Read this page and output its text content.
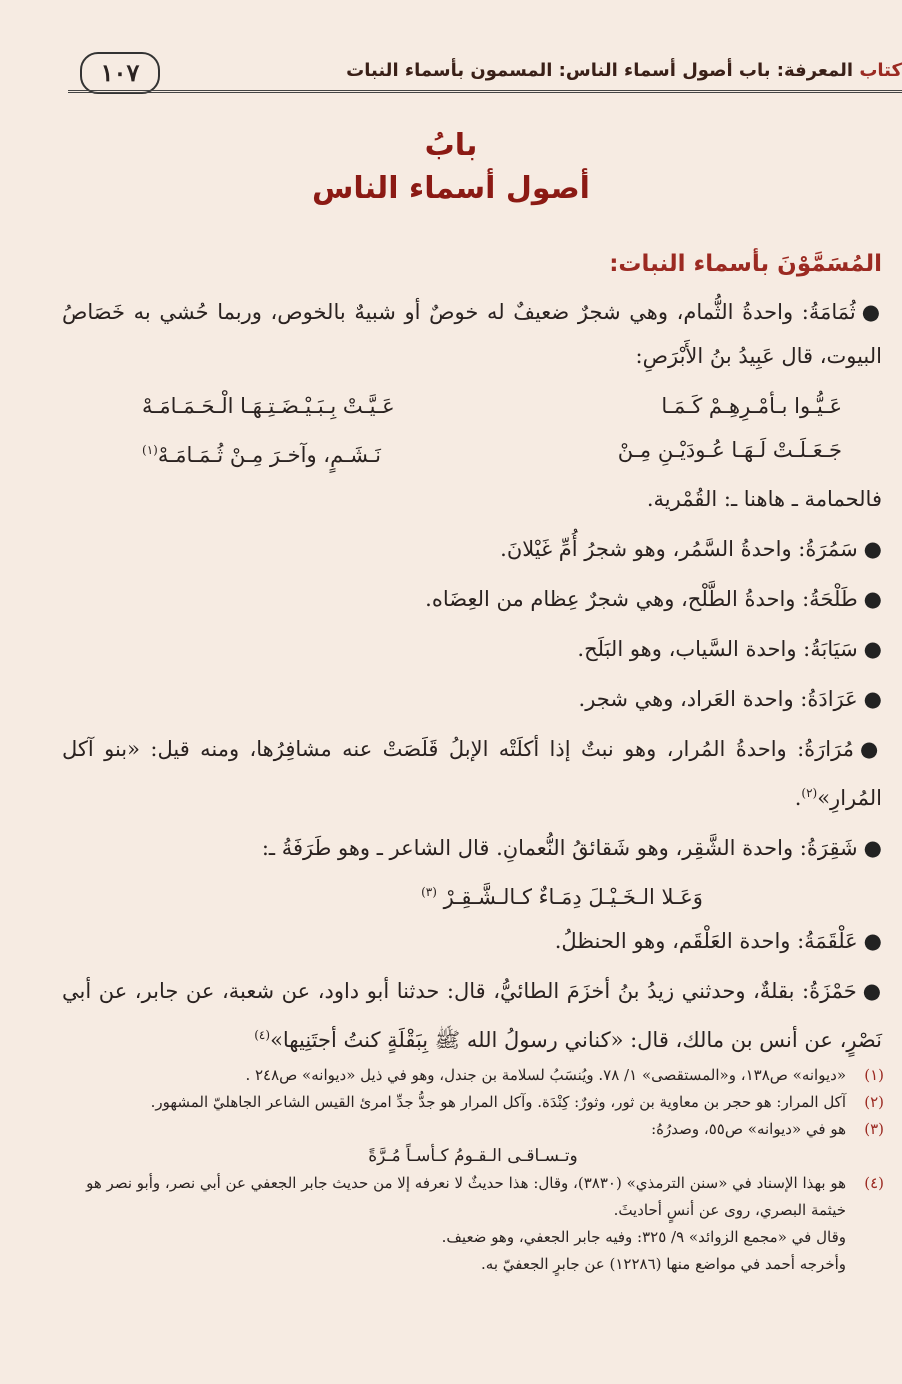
كتاب المعرفة: باب أصول أسماء الناس: المسمون بأسماء النبات
١٠٧
بابُ
أصول أسماء الناس
المُسَمَّوْنَ بأسماء النبات:
●ثُمَامَةُ: واحدةُ الثُّمام، وهي شجرٌ ضعيفٌ له خوصٌ أو شبيهٌ بالخوص، وربما حُشي به خَصَاصُ البيوت، قال عَبِيدُ بنُ الأَبْرَصِ:
عَـيُّـوا بـأمْـرِهِـمْ كَـمَـا
عَـيَّـتْ بِـبَـيْـضَـتِـهَـا الْـحَـمَـامَـهْ
جَـعَـلَـتْ لَـهَـا عُـودَيْـنِ مِـنْ
نَـشَـمٍ، وآخـرَ مِـنْ ثُـمَـامَـهْ$^{(١)}$
فالحمامة ـ هاهنا ـ: القُمْرية.
●سَمُرَةُ: واحدةُ السَّمُر، وهو شجرُ أُمِّ غَيْلانَ.
●طَلْحَةُ: واحدةُ الطَّلْح، وهي شجرٌ عِظام من العِضَاه.
●سَيَابَةُ: واحدة السَّياب، وهو البَلَح.
●عَرَادَةُ: واحدة العَراد، وهي شجر.
●مُرَارَةُ: واحدةُ المُرار، وهو نبتٌ إذا أكلَتْه الإبلُ قَلَصَتْ عنه مشافِرُها، ومنه قيل: «بنو آكل المُرارِ»$^{(٢)}$.
●شَقِرَةُ: واحدة الشَّقِر، وهو شَقائقُ النُّعمانِ. قال الشاعر ـ وهو طَرَفَةُ ـ:
وَعَـلا الـخَـيْـلَ دِمَـاءٌ كـالـشَّـقِـرْ $^{(٣)}$
●عَلْقَمَةُ: واحدة العَلْقَم، وهو الحنظلُ.
●حَمْزَةُ: بقلةٌ، وحدثني زيدُ بنُ أخزَمَ الطائيُّ، قال: حدثنا أبو داود، عن شعبة، عن جابر، عن أبي نَصْرٍ، عن أنس بن مالك، قال: «كناني رسولُ الله ﷺ بِبَقْلَةٍ كنتُ أجتَنِيها»$^{(٤)}$
(١)
«ديوانه» ص١٣٨، و«المستقصى» ١/ ٧٨. ويُنسَبُ لسلامة بن جندل، وهو في ذيل «ديوانه» ص٢٤٨ .
(٢)
آكل المرار: هو حجر بن معاوية بن ثور، وثورٌ: كِنْدَة. وآكل المرار هو جدُّ جدِّ امرئ القيس الشاعر الجاهليّ المشهور.
(٣)
هو في «ديوانه» ص٥٥، وصدرُهُ:
وتـسـاقـى الـقـومُ كـأسـاً مُـرَّةً
(٤)
هو بهذا الإسناد في «سنن الترمذي» (٣٨٣٠)، وقال: هذا حديثٌ لا نعرفه إلا من حديث جابر الجعفي عن أبي نصر، وأبو نصر هو خيثمة البصري، روى عن أنسٍ أحاديثَ.
وقال في «مجمع الزوائد» ٩/ ٣٢٥: وفيه جابر الجعفي، وهو ضعيف.
وأخرجه أحمد في مواضع منها (١٢٢٨٦) عن جابرٍ الجعفيّ به.
